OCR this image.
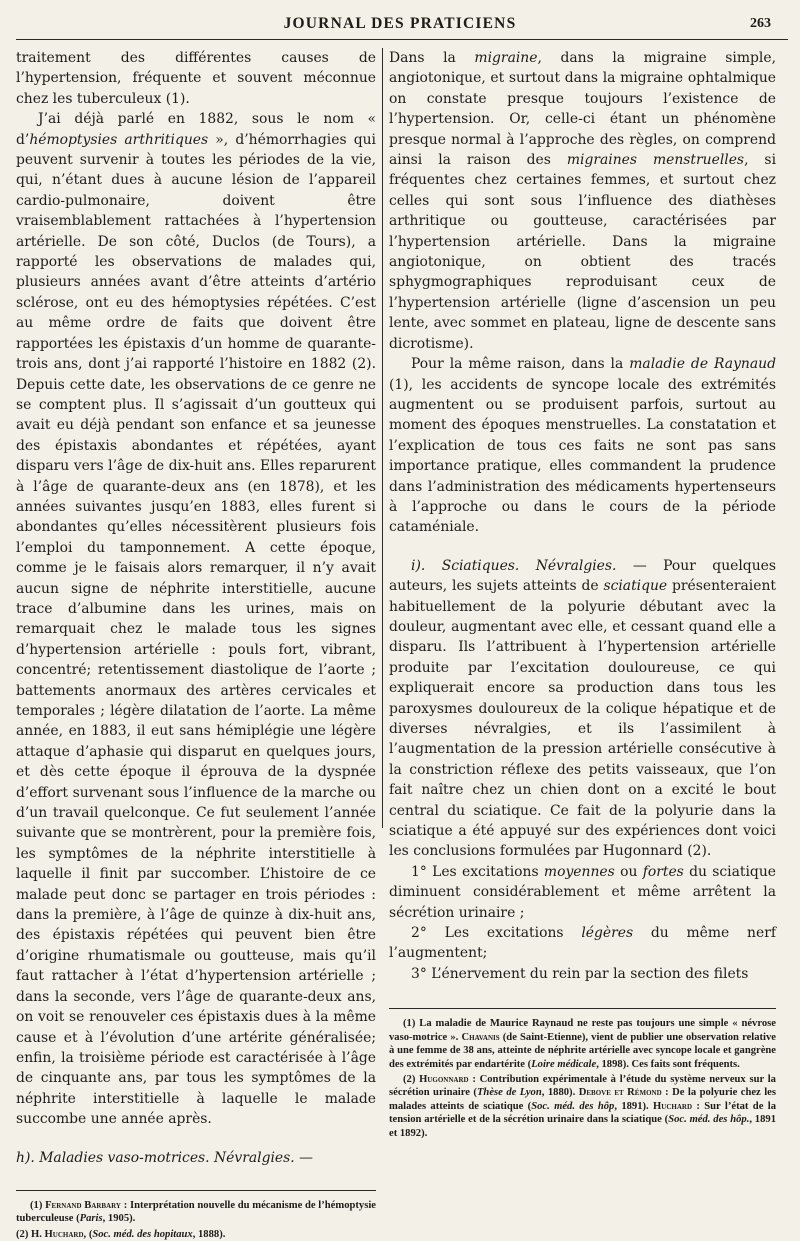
JOURNAL DES PRATICIENS	263

traitement des différentes causes de l’hypertension, fréquente et souvent méconnue chez les tuberculeux (1).

J’ai déjà parlé en 1882, sous le nom « d’hémoptysies arthritiques », d’hémorrhagies qui peuvent survenir à toutes les périodes de la vie, qui, n’étant dues à aucune lésion de l’appareil cardio-pulmonaire, doivent être vraisemblablement rattachées à l’hypertension artérielle. De son côté, Duclos (de Tours), a rapporté les observations de malades qui, plusieurs années avant d’être atteints d’artério sclérose, ont eu des hémoptysies répétées. C’est au même ordre de faits que doivent être rapportées les épistaxis d’un homme de quarante-trois ans, dont j’ai rapporté l’histoire en 1882 (2). Depuis cette date, les observations de ce genre ne se comptent plus. Il s’agissait d’un goutteux qui avait eu déjà pendant son enfance et sa jeunesse des épistaxis abondantes et répétées, ayant disparu vers l’âge de dix-huit ans. Elles reparurent à l’âge de quarante-deux ans (en 1878), et les années suivantes jusqu’en 1883, elles furent si abondantes qu’elles nécessitèrent plusieurs fois l’emploi du tamponnement. A cette époque, comme je le faisais alors remarquer, il n’y avait aucun signe de néphrite interstitielle, aucune trace d’albumine dans les urines, mais on remarquait chez le malade tous les signes d’hypertension artérielle : pouls fort, vibrant, concentré; retentissement diastolique de l’aorte ; battements anormaux des artères cervicales et temporales ; légère dilatation de l’aorte. La même année, en 1883, il eut sans hémiplégie une légère attaque d’aphasie qui disparut en quelques jours, et dès cette époque il éprouva de la dyspnée d’effort survenant sous l’influence de la marche ou d’un travail quelconque. Ce fut seulement l’année suivante que se montrèrent, pour la première fois, les symptômes de la néphrite interstitielle à laquelle il finit par succomber. L’histoire de ce malade peut donc se partager en trois périodes : dans la première, à l’âge de quinze à dix-huit ans, des épistaxis répétées qui peuvent bien être d’origine rhumatismale ou goutteuse, mais qu’il faut rattacher à l’état d’hypertension artérielle ; dans la seconde, vers l’âge de quarante-deux ans, on voit se renouveler ces épistaxis dues à la même cause et à l’évolution d’une artérite généralisée; enfin, la troisième période est caractérisée à l’âge de cinquante ans, par tous les symptômes de la néphrite interstitielle à laquelle le malade succombe une année après.

h). Maladies vaso-motrices. Névralgies. —

(1) Fernand Barbary : Interprétation nouvelle du mécanisme de l’hémoptysie tuberculeuse (Paris, 1905).

(2) H. Huchard, (Soc. méd. des hopitaux, 1888).

Dans la migraine, dans la migraine simple, angiotonique, et surtout dans la migraine ophtalmique on constate presque toujours l’existence de l’hypertension. Or, celle-ci étant un phénomène presque normal à l’approche des règles, on comprend ainsi la raison des migraines menstruelles, si fréquentes chez certaines femmes, et surtout chez celles qui sont sous l’influence des diathèses arthritique ou goutteuse, caractérisées par l’hypertension artérielle. Dans la migraine angiotonique, on obtient des tracés sphygmographiques reproduisant ceux de l’hypertension artérielle (ligne d’ascension un peu lente, avec sommet en plateau, ligne de descente sans dicrotisme).

Pour la même raison, dans la maladie de Raynaud (1), les accidents de syncope locale des extrémités augmentent ou se produisent parfois, surtout au moment des époques menstruelles. La constatation et l’explication de tous ces faits ne sont pas sans importance pratique, elles commandent la prudence dans l’administration des médicaments hypertenseurs à l’approche ou dans le cours de la période cataméniale.

i). Sciatiques. Névralgies. — Pour quelques auteurs, les sujets atteints de sciatique présenteraient habituellement de la polyurie débutant avec la douleur, augmentant avec elle, et cessant quand elle a disparu. Ils l’attribuent à l’hypertension artérielle produite par l’excitation douloureuse, ce qui expliquerait encore sa production dans tous les paroxysmes douloureux de la colique hépatique et de diverses névralgies, et ils l’assimilent à l’augmentation de la pression artérielle consécutive à la constriction réflexe des petits vaisseaux, que l’on fait naître chez un chien dont on a excité le bout central du sciatique. Ce fait de la polyurie dans la sciatique a été appuyé sur des expériences dont voici les conclusions formulées par Hugonnard (2).

1° Les excitations moyennes ou fortes du sciatique diminuent considérablement et même arrêtent la sécrétion urinaire ;

2° Les excitations légères du même nerf l’augmentent;

3° L’énervement du rein par la section des filets

(1) La maladie de Maurice Raynaud ne reste pas toujours une simple « névrose vaso-motrice ». Chavanis (de Saint-Etienne), vient de publier une observation relative à une femme de 38 ans, atteinte de néphrite artérielle avec syncope locale et gangrène des extrémités par endartérite (Loire médicale, 1898). Ces faits sont fréquents.

(2) Hugonnard : Contribution expérimentale à l’étude du système nerveux sur la sécrétion urinaire (Thèse de Lyon, 1880). Debove et Rémond : De la polyurie chez les malades atteints de sciatique (Soc. méd. des hôp, 1891). Huchard : Sur l’état de la tension artérielle et de la sécrétion urinaire dans la sciatique (Soc. méd. des hôp., 1891 et 1892).
